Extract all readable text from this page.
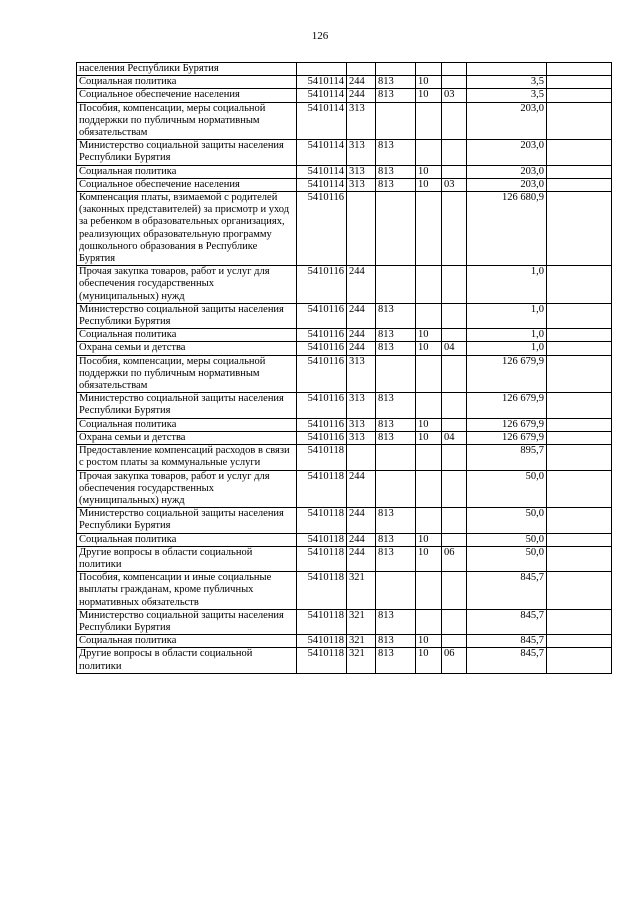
126
населения Республики Бурятия							
Социальная политика	5410114	244	813	10		3,5	
Социальное обеспечение населения	5410114	244	813	10	03	3,5	
Пособия, компенсации, меры социальной поддержки по публичным нормативным обязательствам	5410114	313				203,0	
Министерство социальной защиты населения Республики Бурятия	5410114	313	813			203,0	
Социальная политика	5410114	313	813	10		203,0	
Социальное обеспечение населения	5410114	313	813	10	03	203,0	
Компенсация платы, взимаемой с родителей (законных представителей) за присмотр и уход за ребенком в образовательных организациях, реализующих образовательную программу дошкольного образования в Республике Бурятия	5410116					126 680,9	
Прочая закупка товаров, работ и услуг для обеспечения государственных (муниципальных) нужд	5410116	244				1,0	
Министерство социальной защиты населения Республики Бурятия	5410116	244	813			1,0	
Социальная политика	5410116	244	813	10		1,0	
Охрана семьи и детства	5410116	244	813	10	04	1,0	
Пособия, компенсации, меры социальной поддержки по публичным нормативным обязательствам	5410116	313				126 679,9	
Министерство социальной защиты населения Республики Бурятия	5410116	313	813			126 679,9	
Социальная политика	5410116	313	813	10		126 679,9	
Охрана семьи и детства	5410116	313	813	10	04	126 679,9	
Предоставление компенсаций расходов в связи с ростом платы за коммунальные услуги	5410118					895,7	
Прочая закупка товаров, работ и услуг для обеспечения государственных (муниципальных) нужд	5410118	244				50,0	
Министерство социальной защиты населения Республики Бурятия	5410118	244	813			50,0	
Социальная политика	5410118	244	813	10		50,0	
Другие вопросы в области социальной политики	5410118	244	813	10	06	50,0	
Пособия, компенсации и иные социальные выплаты гражданам, кроме публичных нормативных обязательств	5410118	321				845,7	
Министерство социальной защиты населения Республики Бурятия	5410118	321	813			845,7	
Социальная политика	5410118	321	813	10		845,7	
Другие вопросы в области социальной политики	5410118	321	813	10	06	845,7	
